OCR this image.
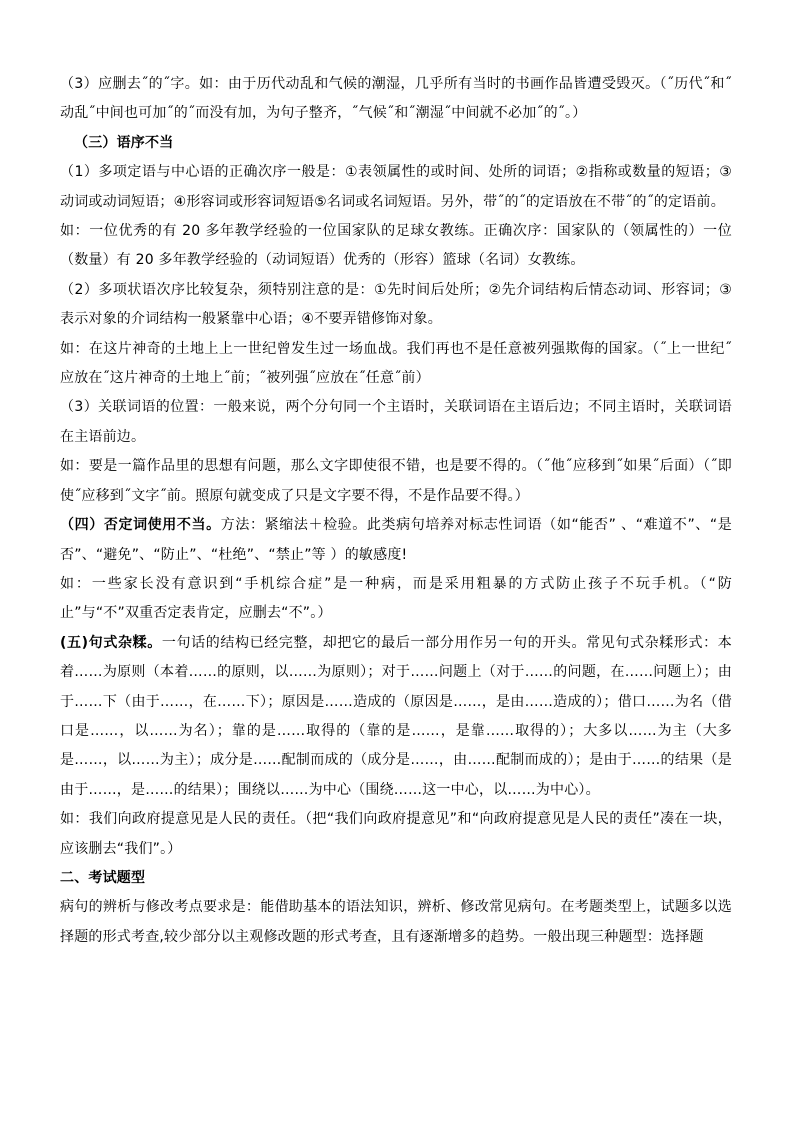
（3）应删去˝的˝字。如：由于历代动乱和气候的潮湿，几乎所有当时的书画作品皆遭受毁灭。（˝历代˝和˝动乱˝中间也可加˝的˝而没有加，为句子整齐，˝气候˝和˝潮湿˝中间就不必加˝的˝。）

（三）语序不当

（1）多项定语与中心语的正确次序一般是：①表领属性的或时间、处所的词语；②指称或数量的短语；③动词或动词短语；④形容词或形容词短语⑤名词或名词短语。另外，带˝的˝的定语放在不带˝的˝的定语前。

如：一位优秀的有 20 多年教学经验的一位国家队的足球女教练。正确次序：国家队的（领属性的）一位（数量）有 20 多年教学经验的（动词短语）优秀的（形容）篮球（名词）女教练。

（2）多项状语次序比较复杂，须特别注意的是：①先时间后处所；②先介词结构后情态动词、形容词；③表示对象的介词结构一般紧靠中心语；④不要弄错修饰对象。

如：在这片神奇的土地上上一世纪曾发生过一场血战。我们再也不是任意被列强欺侮的国家。（˝上一世纪˝应放在˝这片神奇的土地上˝前；˝被列强˝应放在˝任意˝前）

（3）关联词语的位置：一般来说，两个分句同一个主语时，关联词语在主语后边；不同主语时，关联词语在主语前边。

如：要是一篇作品里的思想有问题，那么文字即使很不错，也是要不得的。（˝他˝应移到˝如果˝后面）（˝即使˝应移到˝文字˝前。照原句就变成了只是文字要不得，不是作品要不得。）

（四）否定词使用不当。方法：紧缩法＋检验。此类病句培养对标志性词语（如“能否” 、“难道不”、“是否”、“避免”、“防止”、“杜绝”、“禁止”等 ）的敏感度!

如：一些家长没有意识到“手机综合症”是一种病，而是采用粗暴的方式防止孩子不玩手机。（“防止”与“不”双重否定表肯定，应删去“不”。）

(五)句式杂糅。一句话的结构已经完整，却把它的最后一部分用作另一句的开头。常见句式杂糅形式：本着……为原则（本着……的原则，以……为原则）；对于……问题上（对于……的问题，在……问题上）；由于……下（由于……，在……下）；原因是……造成的（原因是……，是由……造成的）；借口……为名（借口是……，以……为名）；靠的是……取得的（靠的是……，是靠……取得的）；大多以……为主（大多是……，以……为主）；成分是……配制而成的（成分是……，由……配制而成的）；是由于……的结果（是由于……，是……的结果）；围绕以……为中心（围绕……这一中心，以……为中心）。

如：我们向政府提意见是人民的责任。（把“我们向政府提意见”和“向政府提意见是人民的责任”凑在一块，应该删去“我们”。）

二、考试题型

病句的辨析与修改考点要求是：能借助基本的语法知识，辨析、修改常见病句。在考题类型上，试题多以选择题的形式考查,较少部分以主观修改题的形式考查，且有逐渐增多的趋势。一般出现三种题型：选择题
